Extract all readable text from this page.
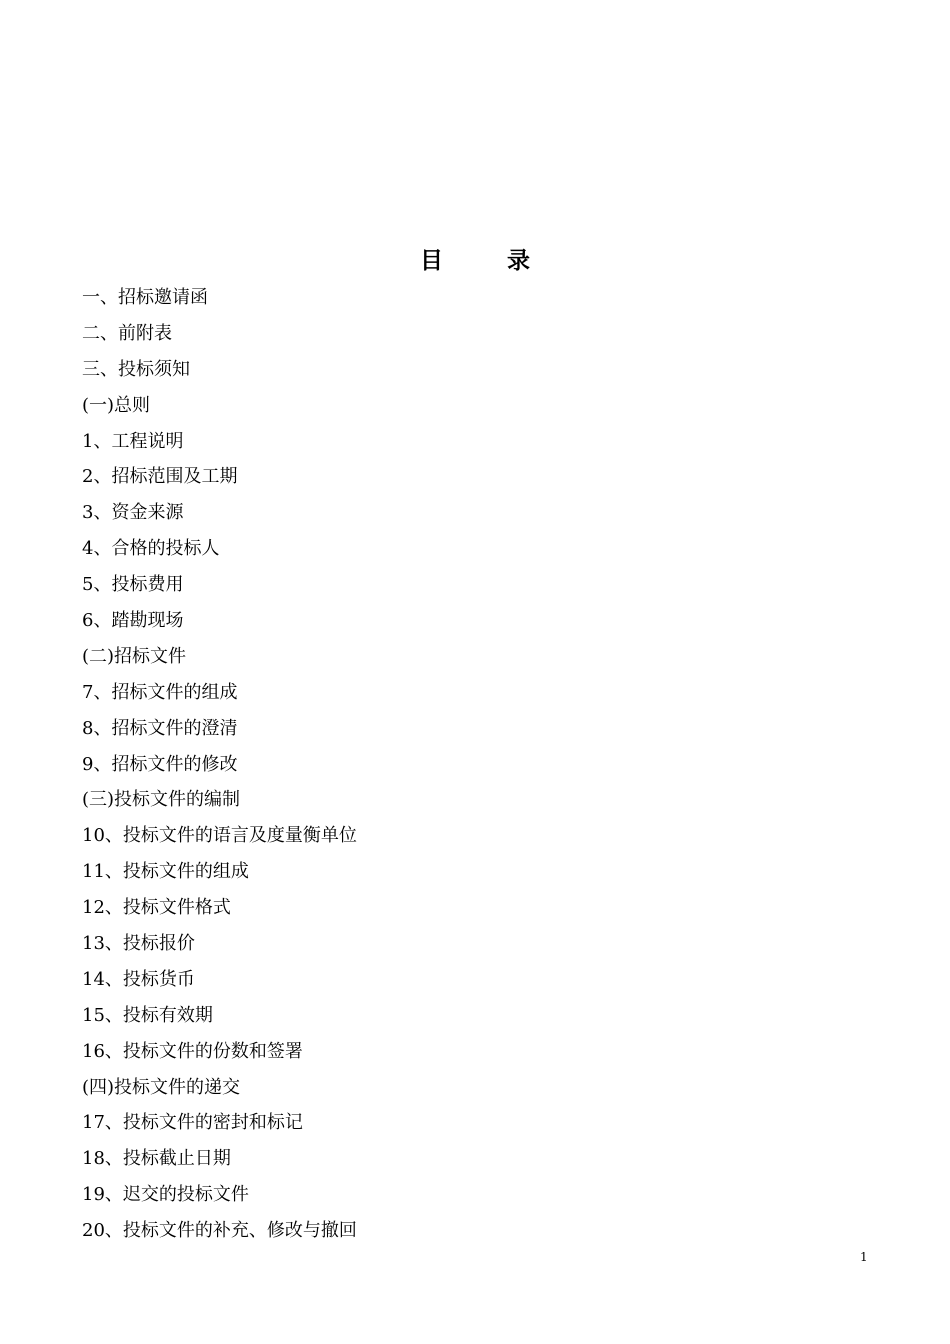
目	录
一、招标邀请函
二、前附表
三、投标须知
(一)总则
1、工程说明
2、招标范围及工期
3、资金来源
4、合格的投标人
5、投标费用
6、踏勘现场
(二)招标文件
7、招标文件的组成
8、招标文件的澄清
9、招标文件的修改
(三)投标文件的编制
10、投标文件的语言及度量衡单位
11、投标文件的组成
12、投标文件格式
13、投标报价
14、投标货币
15、投标有效期
16、投标文件的份数和签署
(四)投标文件的递交
17、投标文件的密封和标记
18、投标截止日期
19、迟交的投标文件
20、投标文件的补充、修改与撤回
1
